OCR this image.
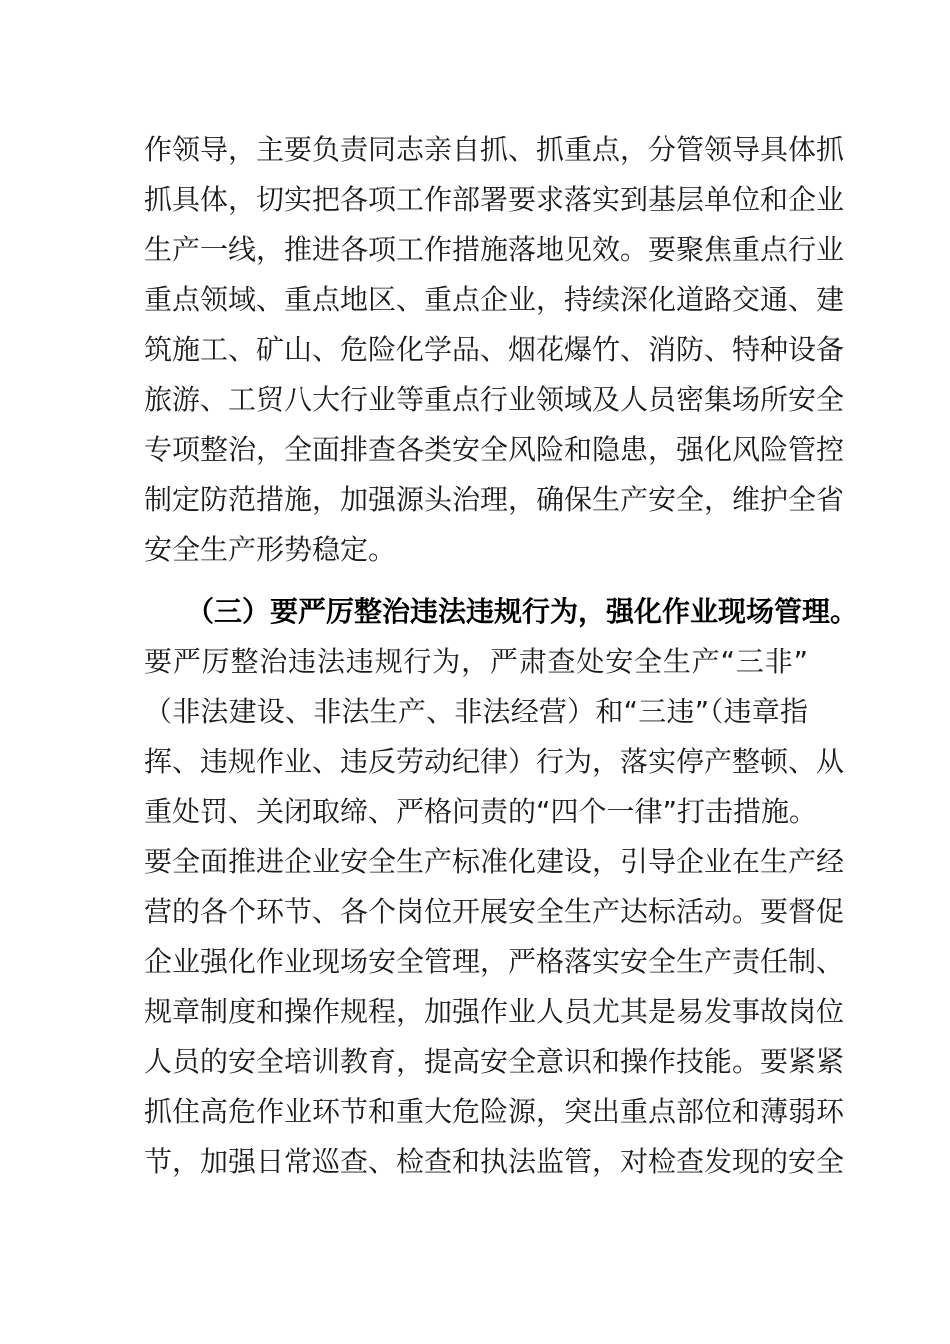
作领导，主要负责同志亲自抓、抓重点，分管领导具体抓
抓具体，切实把各项工作部署要求落实到基层单位和企业
生产一线，推进各项工作措施落地见效。要聚焦重点行业
重点领域、重点地区、重点企业，持续深化道路交通、建
筑施工、矿山、危险化学品、烟花爆竹、消防、特种设备
旅游、工贸八大行业等重点行业领域及人员密集场所安全
专项整治，全面排查各类安全风险和隐患，强化风险管控
制定防范措施，加强源头治理，确保生产安全，维护全省
安全生产形势稳定。
（三）要严厉整治违法违规行为，强化作业现场管理。
要严厉整治违法违规行为，严肃查处安全生产“三非”
（非法建设、非法生产、非法经营）和“三违”（违章指
挥、违规作业、违反劳动纪律）行为，落实停产整顿、从
重处罚、关闭取缔、严格问责的“四个一律”打击措施。
要全面推进企业安全生产标准化建设，引导企业在生产经
营的各个环节、各个岗位开展安全生产达标活动。要督促
企业强化作业现场安全管理，严格落实安全生产责任制、
规章制度和操作规程，加强作业人员尤其是易发事故岗位
人员的安全培训教育，提高安全意识和操作技能。要紧紧
抓住高危作业环节和重大危险源，突出重点部位和薄弱环
节，加强日常巡查、检查和执法监管，对检查发现的安全
